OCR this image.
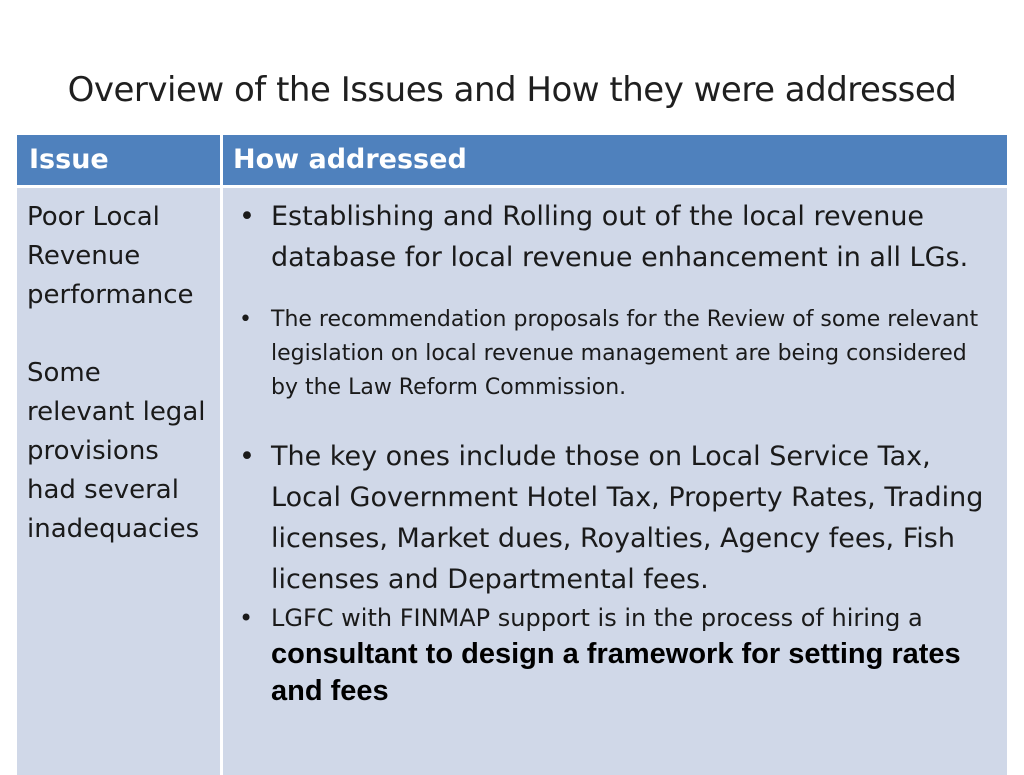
Overview of the Issues and How they were addressed
Issue	How addressed
Poor Local Revenue performance
Some relevant legal provisions had several inadequacies
• Establishing and Rolling out of the local revenue database for local revenue enhancement in all LGs.
• The recommendation proposals for the Review of some relevant legislation on local revenue management are being considered by the Law Reform Commission.
• The key ones include those on Local Service Tax, Local Government Hotel Tax, Property Rates, Trading licenses, Market dues, Royalties, Agency fees, Fish licenses and Departmental fees.
• LGFC with FINMAP support is in the process of hiring a
consultant to design a framework for setting rates and fees
